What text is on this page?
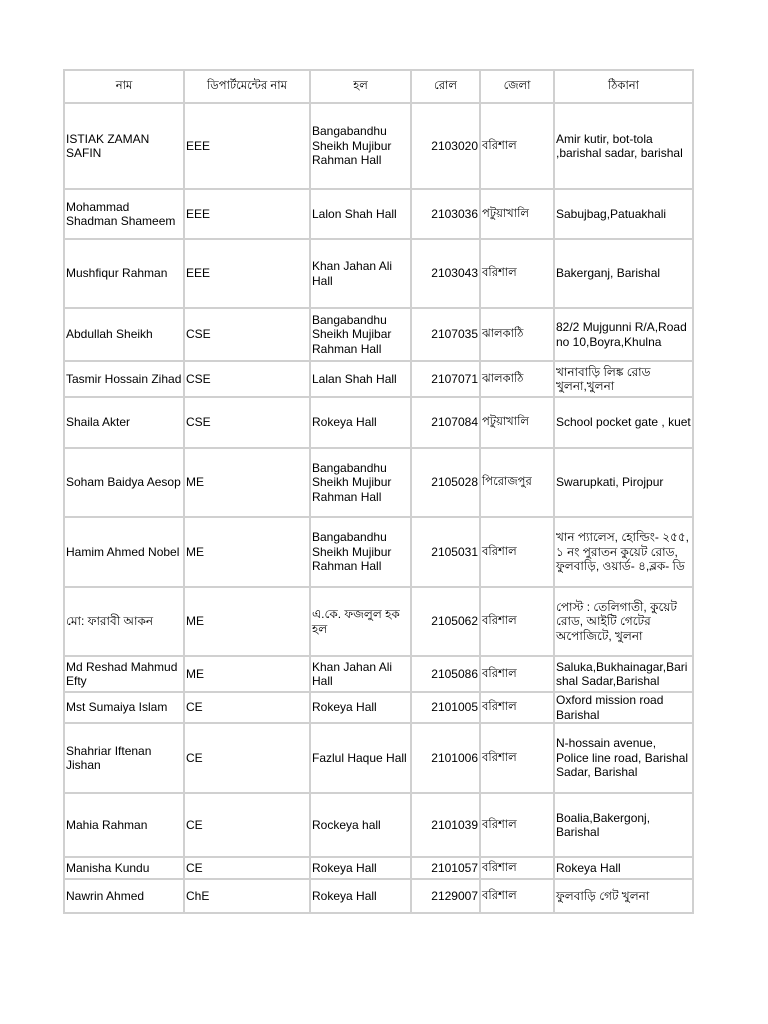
নাম	ডিপার্টমেন্টের নাম	হল	রোল	জেলা	ঠিকানা
ISTIAK ZAMAN SAFIN	EEE	Bangabandhu Sheikh Mujibur Rahman Hall	2103020	বরিশাল	Amir kutir, bot-tola ,barishal sadar, barishal
Mohammad Shadman Shameem	EEE	Lalon Shah Hall	2103036	পটুয়াখালি	Sabujbag,Patuakhali
Mushfiqur Rahman	EEE	Khan Jahan Ali Hall	2103043	বরিশাল	Bakerganj, Barishal
Abdullah Sheikh	CSE	Bangabandhu Sheikh Mujibar Rahman Hall	2107035	ঝালকাঠি	82/2 Mujgunni R/A,Road no 10,Boyra,Khulna
Tasmir Hossain Zihad	CSE	Lalan Shah Hall	2107071	ঝালকাঠি	খানাবাড়ি লিঙ্ক রোড খুলনা,খুলনা
Shaila Akter	CSE	Rokeya Hall	2107084	পটুয়াখালি	School pocket gate , kuet
Soham Baidya Aesop	ME	Bangabandhu Sheikh Mujibur Rahman Hall	2105028	পিরোজপুর	Swarupkati, Pirojpur
Hamim Ahmed Nobel	ME	Bangabandhu Sheikh Mujibur Rahman Hall	2105031	বরিশাল	খান প্যালেস, হোল্ডিং- ২৫৫, ১ নং পুরাতন কুয়েট রোড, ফুলবাড়ি, ওয়ার্ড- ৪,ব্লক- ডি
মো: ফারাবী আকন	ME	এ.কে. ফজলুল হক হল	2105062	বরিশাল	পোস্ট : তেলিগাতী, কুয়েট রোড, আইটি গেটের অপোজিটে, খুলনা
Md Reshad Mahmud Efty	ME	Khan Jahan Ali Hall	2105086	বরিশাল	Saluka,Bukhainagar,Barishal Sadar,Barishal
Mst Sumaiya Islam	CE	Rokeya Hall	2101005	বরিশাল	Oxford mission road Barishal
Shahriar Iftenan Jishan	CE	Fazlul Haque Hall	2101006	বরিশাল	N-hossain avenue, Police line road, Barishal Sadar, Barishal
Mahia Rahman	CE	Rockeya hall	2101039	বরিশাল	Boalia,Bakergonj, Barishal
Manisha Kundu	CE	Rokeya Hall	2101057	বরিশাল	Rokeya Hall
Nawrin Ahmed	ChE	Rokeya Hall	2129007	বরিশাল	ফুলবাড়ি গেট খুলনা
